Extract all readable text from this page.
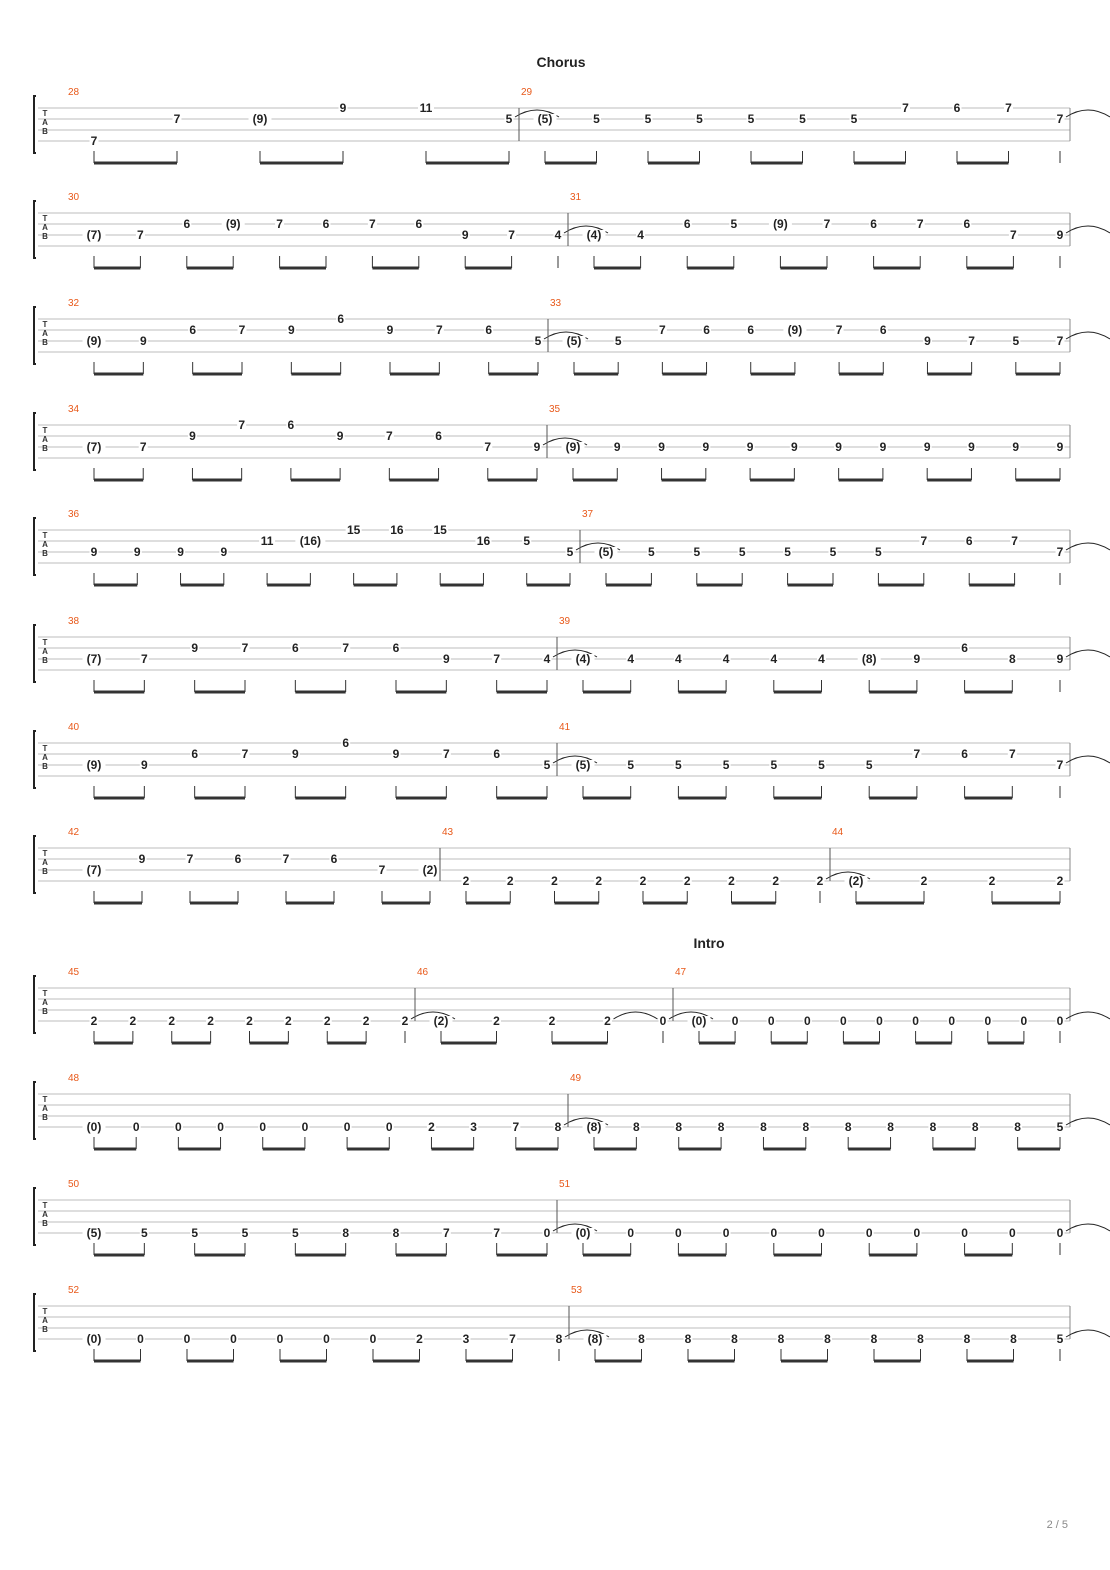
Chorus
T
A
B
28
7
7	(9)
9	11
5
29
(5)	5	5	5	5	5	5
7	6	7
7
T
A
B
30
(7)	7
6	(9)	7	6	7	6
9	7	4
31
(4)	4
6	5	(9)	7	6	7	6
7	9
T
A
B
32
(9)	9
6	7	9
6
9	7	6
5
33
(5)	5
7	6	6	(9)	7	6
9	7	5	7
T
A
B
34
(7)	7
9
7	6
9	7	6
7	9
35
(9)	9	9	9	9	9	9	9	9	9	9	9
T
A
B
36
9	9	9	9
11 (16)
15 16 15
16	5
5
37
(5)	5	5	5	5	5	5
7	6	7
7
T
A
B
38
(7)	7
9	7	6	7	6
9	7	4
39
(4)	4	4	4	4	4	(8)	9
6
8	9
T
A
B
40
(9)	9
6	7	9
6
9	7	6
5
41
(5)	5	5	5	5	5	5
7	6	7
7
T
A
B
42
(7)
9	7	6	7	6
7	(2)
43
2	2	2	2	2	2	2	2	2
44
(2)	2	2	2
Intro
T
A
B
45
2	2	2	2	2	2	2	2	2
46
(2)	2	2	2	0
47
(0) 0 0 0 0 0 0 0 0 0 0
T
A
B
48
(0)	0	0	0	0	0	0	0	2	3	7	8
49
(8)	8	8	8	8	8	8	8	8	8	8	5
T
A
B
50
(5)	5	5	5	5	8	8	7	7	0
51
(0)	0	0	0	0	0	0	0	0	0	0
T
A
B
52
(0)	0	0	0	0	0	0	2	3	7	8
53
(8)	8	8	8	8	8	8	8	8	8	5
2 / 5
